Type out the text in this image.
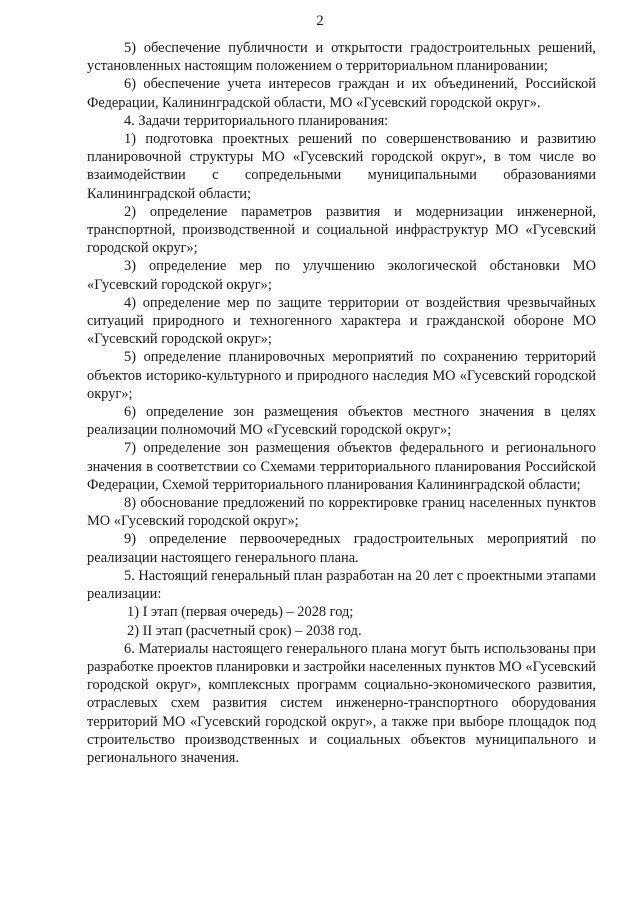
2

5) обеспечение публичности и открытости градостроительных решений, установленных настоящим положением о территориальном планировании;

6) обеспечение учета интересов граждан и их объединений, Российской Федерации, Калининградской области, МО «Гусевский городской округ».

4. Задачи территориального планирования:

1) подготовка проектных решений по совершенствованию и развитию планировочной структуры МО «Гусевский городской округ», в том числе во взаимодействии с сопредельными муниципальными образованиями Калининградской области;

2) определение параметров развития и модернизации инженерной, транспортной, производственной и социальной инфраструктур МО «Гусевский городской округ»;

3) определение мер по улучшению экологической обстановки МО «Гусевский городской округ»;

4) определение мер по защите территории от воздействия чрезвычайных ситуаций природного и техногенного характера и гражданской обороне МО «Гусевский городской округ»;

5) определение планировочных мероприятий по сохранению территорий объектов историко-культурного и природного наследия МО «Гусевский городской округ»;

6) определение зон размещения объектов местного значения в целях реализации полномочий МО «Гусевский городской округ»;

7) определение зон размещения объектов федерального и регионального значения в соответствии со Схемами территориального планирования Российской Федерации, Схемой территориального планирования Калининградской области;

8) обоснование предложений по корректировке границ населенных пунктов МО «Гусевский городской округ»;

9) определение первоочередных градостроительных мероприятий по реализации настоящего генерального плана.

5. Настоящий генеральный план разработан на 20 лет с проектными этапами реализации:

1) I этап (первая очередь) – 2028 год;

2) II этап (расчетный срок) – 2038 год.

6. Материалы настоящего генерального плана могут быть использованы при разработке проектов планировки и застройки населенных пунктов МО «Гусевский городской округ», комплексных программ социально-экономического развития, отраслевых схем развития систем инженерно-транспортного оборудования территорий МО «Гусевский городской округ», а также при выборе площадок под строительство производственных и социальных объектов муниципального и регионального значения.
